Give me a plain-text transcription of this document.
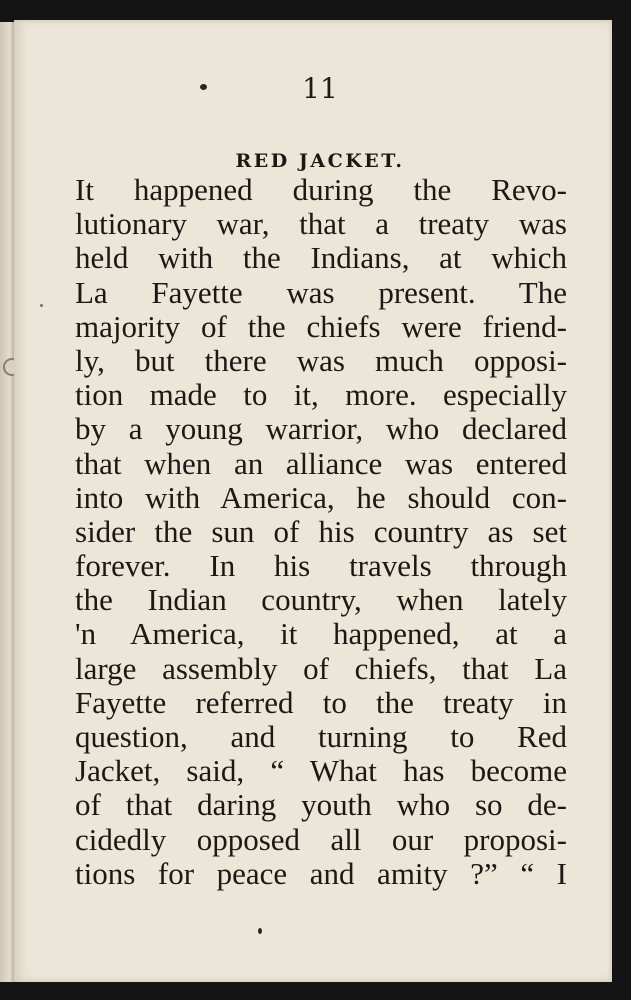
11
RED JACKET.
It happened during the Revo-
lutionary war, that a treaty was
held with the Indians, at which
La Fayette was present. The
majority of the chiefs were friend-
ly, but there was much opposi-
tion made to it, more. especially
by a young warrior, who declared
that when an alliance was entered
into with America, he should con-
sider the sun of his country as set
forever. In his travels through
the Indian country, when lately
'n America, it happened, at a
large assembly of chiefs, that La
Fayette referred to the treaty in
question, and turning to Red
Jacket, said, “ What has become
of that daring youth who so de-
cidedly opposed all our proposi-
tions for peace and amity ?” “ I
